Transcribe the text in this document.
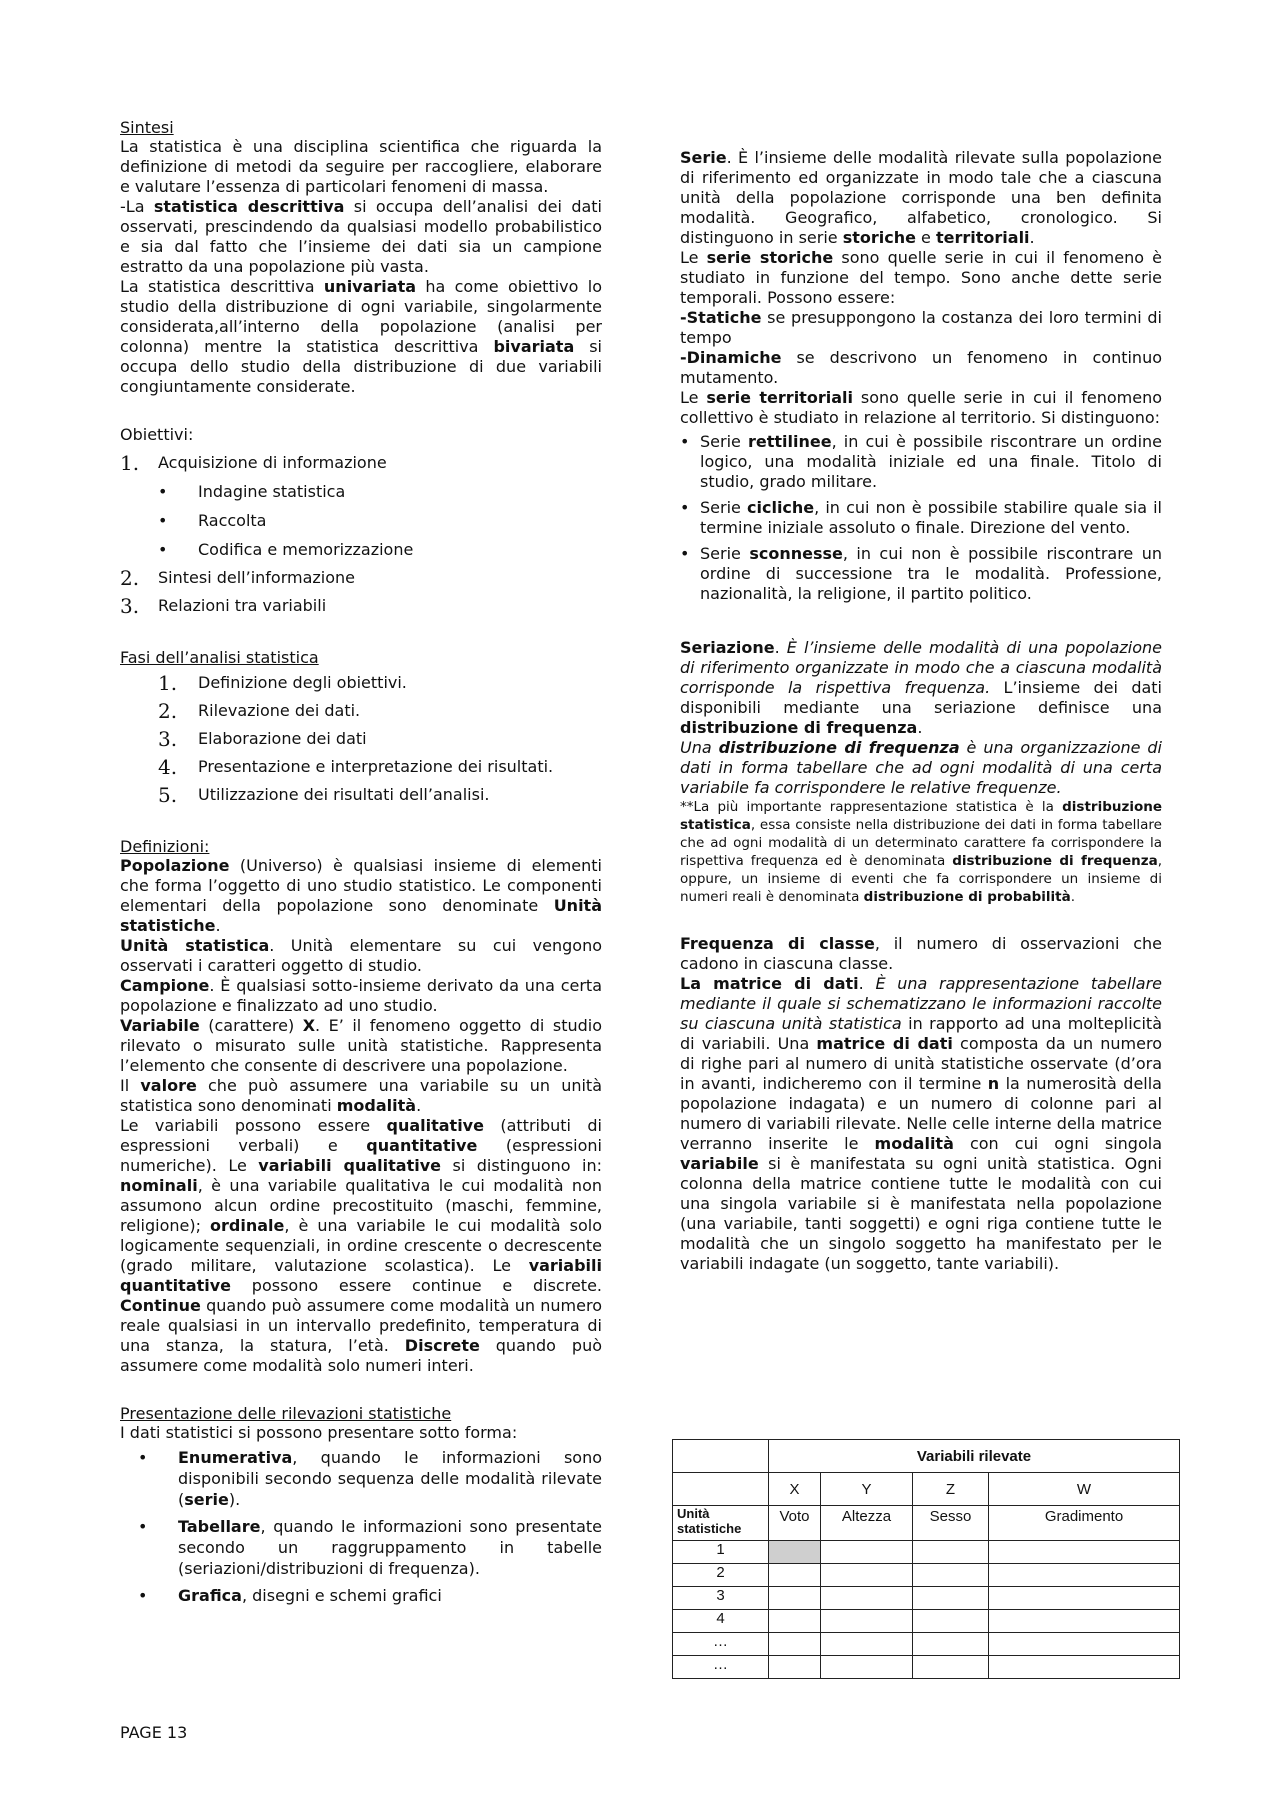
Sintesi

La statistica è una disciplina scientifica che riguarda la definizione di metodi da seguire per raccogliere, elaborare e valutare l’essenza di particolari fenomeni di massa.

-La statistica descrittiva si occupa dell’analisi dei dati osservati, prescindendo da qualsiasi modello probabilistico e sia dal fatto che l’insieme dei dati sia un campione estratto da una popolazione più vasta.

La statistica descrittiva univariata ha come obiettivo lo studio della distribuzione di ogni variabile, singolarmente considerata,all’interno della popolazione (analisi per colonna) mentre la statistica descrittiva bivariata si occupa dello studio della distribuzione di due variabili congiuntamente considerate.

Obiettivi:

1. Acquisizione di informazione
• Indagine statistica
• Raccolta
• Codifica e memorizzazione
2. Sintesi dell’informazione
3. Relazioni tra variabili
Fasi dell’analisi statistica
1. Definizione degli obiettivi.
2. Rilevazione dei dati.
3. Elaborazione dei dati
4. Presentazione e interpretazione dei risultati.
5. Utilizzazione dei risultati dell’analisi.
Definizioni:

Popolazione (Universo) è qualsiasi insieme di elementi che forma l’oggetto di uno studio statistico. Le componenti elementari della popolazione sono denominate Unità statistiche.

Unità statistica. Unità elementare su cui vengono osservati i caratteri oggetto di studio.

Campione. È qualsiasi sotto-insieme derivato da una certa popolazione e finalizzato ad uno studio.

Variabile (carattere) X. E’ il fenomeno oggetto di studio rilevato o misurato sulle unità statistiche. Rappresenta l’elemento che consente di descrivere una popolazione.

Il valore che può assumere una variabile su un unità statistica sono denominati modalità.

Le variabili possono essere qualitative (attributi di espressioni verbali) e quantitative (espressioni numeriche). Le variabili qualitative si distinguono in: nominali, è una variabile qualitativa le cui modalità non assumono alcun ordine precostituito (maschi, femmine, religione); ordinale, è una variabile le cui modalità solo logicamente sequenziali, in ordine crescente o decrescente (grado militare, valutazione scolastica). Le variabili quantitative possono essere continue e discrete. Continue quando può assumere come modalità un numero reale qualsiasi in un intervallo predefinito, temperatura di una stanza, la statura, l’età. Discrete quando può assumere come modalità solo numeri interi.

Presentazione delle rilevazioni statistiche

I dati statistici si possono presentare sotto forma:

• Enumerativa, quando le informazioni sono disponibili secondo sequenza delle modalità rilevate (serie).
• Tabellare, quando le informazioni sono presentate secondo un raggruppamento in tabelle (seriazioni/distribuzioni di frequenza).
• Grafica, disegni e schemi grafici

Serie. È l’insieme delle modalità rilevate sulla popolazione di riferimento ed organizzate in modo tale che a ciascuna unità della popolazione corrisponde una ben definita modalità. Geografico, alfabetico, cronologico. Si distinguono in serie storiche e territoriali.

Le serie storiche sono quelle serie in cui il fenomeno è studiato in funzione del tempo. Sono anche dette serie temporali. Possono essere:

-Statiche se presuppongono la costanza dei loro termini di tempo

-Dinamiche se descrivono un fenomeno in continuo mutamento.

Le serie territoriali sono quelle serie in cui il fenomeno collettivo è studiato in relazione al territorio. Si distinguono:

• Serie rettilinee, in cui è possibile riscontrare un ordine logico, una modalità iniziale ed una finale. Titolo di studio, grado militare.
• Serie cicliche, in cui non è possibile stabilire quale sia il termine iniziale assoluto o finale. Direzione del vento.
• Serie sconnesse, in cui non è possibile riscontrare un ordine di successione tra le modalità. Professione, nazionalità, la religione, il partito politico.

Seriazione. È l’insieme delle modalità di una popolazione di riferimento organizzate in modo che a ciascuna modalità corrisponde la rispettiva frequenza. L’insieme dei dati disponibili mediante una seriazione definisce una distribuzione di frequenza.

Una distribuzione di frequenza è una organizzazione di dati in forma tabellare che ad ogni modalità di una certa variabile fa corrispondere le relative frequenze.

**La più importante rappresentazione statistica è la distribuzione statistica, essa consiste nella distribuzione dei dati in forma tabellare che ad ogni modalità di un determinato carattere fa corrispondere la rispettiva frequenza ed è denominata distribuzione di frequenza, oppure, un insieme di eventi che fa corrispondere un insieme di numeri reali è denominata distribuzione di probabilità.

Frequenza di classe, il numero di osservazioni che cadono in ciascuna classe.

La matrice di dati. È una rappresentazione tabellare mediante il quale si schematizzano le informazioni raccolte su ciascuna unità statistica in rapporto ad una molteplicità di variabili. Una matrice di dati composta da un numero di righe pari al numero di unità statistiche osservate (d’ora in avanti, indicheremo con il termine n la numerosità della popolazione indagata) e un numero di colonne pari al numero di variabili rilevate. Nelle celle interne della matrice verranno inserite le modalità con cui ogni singola variabile si è manifestata su ogni unità statistica. Ogni colonna della matrice contiene tutte le modalità con cui una singola variabile si è manifestata nella popolazione (una variabile, tanti soggetti) e ogni riga contiene tutte le modalità che un singolo soggetto ha manifestato per le variabili indagate (un soggetto, tante variabili).

	Variabili rilevate			
	X	Y	Z	W
Unità statistiche	Voto	Altezza	Sesso	Gradimento
1				
2				
3				
4				
…				
…				
PAGE 13
